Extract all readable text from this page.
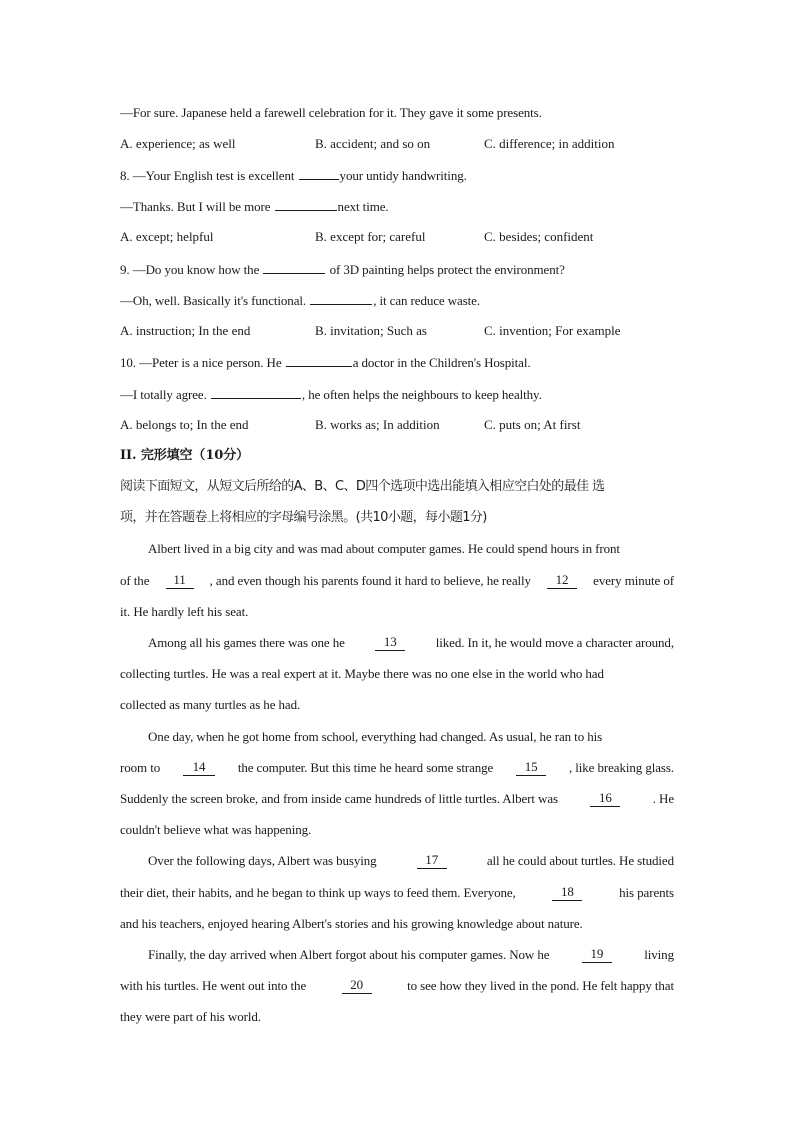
—For sure. Japanese held a farewell celebration for it. They gave it some presents.
A. experience; as well	B. accident; and so on	C. difference; in addition
8. —Your English test is excellent	your untidy handwriting.
—Thanks. But I will be more	next time.
A. except; helpful	B. except for; careful	C. besides; confident
9. —Do you know how the	of 3D painting helps protect the environment?
—Oh, well. Basically it's functional.	, it can reduce waste.
A. instruction; In the end	B. invitation; Such as	C. invention; For example
10. —Peter is a nice person. He	a doctor in the Children's Hospital.
—I totally agree.	, he often helps the neighbours to keep healthy.
A. belongs to; In the end	B. works as; In addition	C. puts on; At first
II. 完形填空（10分）
阅读下面短文，从短文后所给的A、B、C、D四个选项中选出能填入相应空白处的最佳 选
项，并在答题卷上将相应的字母编号涂黑。(共10小题，每小题1分)
Albert lived in a big city and was mad about computer games. He could spend hours in front
of the	11	, and even though his parents found it hard to believe, he really	12	every minute of
it. He hardly left his seat.
Among all his games there was one he	13	liked. In it, he would move a character around,
collecting turtles. He was a real expert at it. Maybe there was no one else in the world who had
collected as many turtles as he had.
One day, when he got home from school, everything had changed. As usual, he ran to his
room to	14	the computer. But this time he heard some strange	15	, like breaking glass.
Suddenly the screen broke, and from inside came hundreds of little turtles. Albert was	16	. He
couldn't believe what was happening.
Over the following days, Albert was busying	17	all he could about turtles. He studied
their diet, their habits, and he began to think up ways to feed them. Everyone,	18	his parents
and his teachers, enjoyed hearing Albert's stories and his growing knowledge about nature.
Finally, the day arrived when Albert forgot about his computer games. Now he	19	living
with his turtles. He went out into the	20	to see how they lived in the pond. He felt happy that
they were part of his world.
